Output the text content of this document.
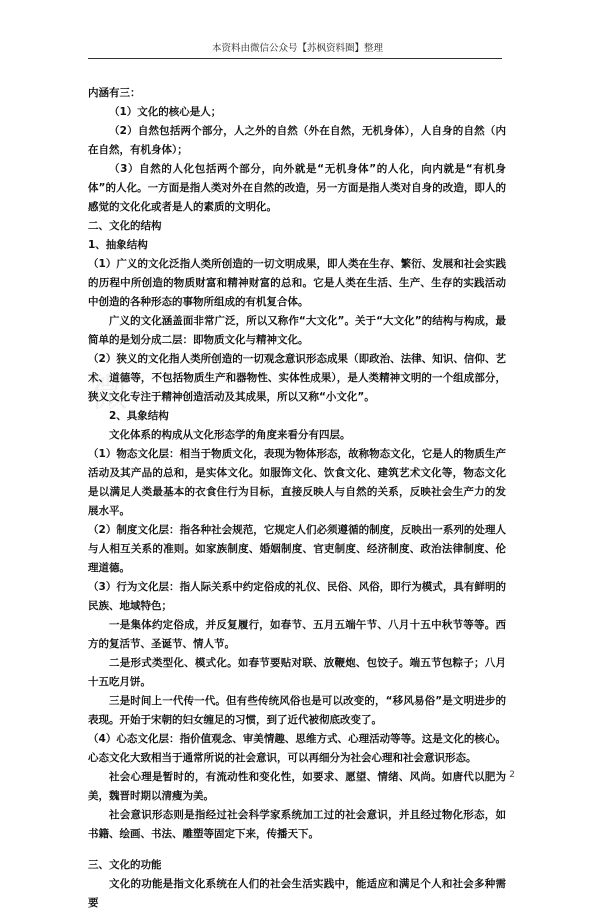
本资料由微信公众号【苏枫资料圈】整理
微

内涵有三：

（1）文化的核心是人；

（2）自然包括两个部分，人之外的自然（外在自然，无机身体），人自身的自然（内在自然，有机身体）；

（3）自然的人化包括两个部分，向外就是“无机身体”的人化，向内就是“有机身体”的人化。一方面是指人类对外在自然的改造，另一方面是指人类对自身的改造，即人的感觉的文化化或者是人的素质的文明化。

二、文化的结构

1、抽象结构

（1）广义的文化泛指人类所创造的一切文明成果，即人类在生存、繁衍、发展和社会实践的历程中所创造的物质财富和精神财富的总和。它是人类在生活、生产、生存的实践活动中创造的各种形态的事物所组成的有机复合体。

广义的文化涵盖面非常广泛，所以又称作“大文化”。关于“大文化”的结构与构成，最简单的是划分成二层：即物质文化与精神文化。

（2）狭义的文化指人类所创造的一切观念意识形态成果（即政治、法律、知识、信仰、艺术、道德等，不包括物质生产和器物性、实体性成果），是人类精神文明的一个组成部分，狭义文化专注于精神创造活动及其成果，所以又称“小文化”。

2、具象结构

文化体系的构成从文化形态学的角度来看分有四层。

（1）物态文化层：相当于物质文化，表现为物体形态，故称物态文化，它是人的物质生产活动及其产品的总和，是实体文化。如服饰文化、饮食文化、建筑艺术文化等，物态文化是以满足人类最基本的衣食住行为目标，直接反映人与自然的关系，反映社会生产力的发展水平。

（2）制度文化层：指各种社会规范，它规定人们必须遵循的制度，反映出一系列的处理人与人相互关系的准则。如家族制度、婚姻制度、官吏制度、经济制度、政治法律制度、伦理道德。

（3）行为文化层：指人际关系中约定俗成的礼仪、民俗、风俗，即行为模式，具有鲜明的民族、地域特色；

一是集体约定俗成，并反复履行，如春节、五月五端午节、八月十五中秋节等等。西方的复活节、圣诞节、情人节。

二是形式类型化、模式化。如春节要贴对联、放鞭炮、包饺子。端五节包粽子；八月十五吃月饼。

三是时间上一代传一代。但有些传统风俗也是可以改变的，“移风易俗”是文明进步的表现。开始于宋朝的妇女缠足的习惯，到了近代被彻底改变了。

（4）心态文化层：指价值观念、审美情趣、思维方式、心理活动等等。这是文化的核心。心态文化大致相当于通常所说的社会意识，可以再细分为社会心理和社会意识形态。

社会心理是暂时的，有流动性和变化性，如要求、愿望、情绪、风尚。如唐代以肥为美，魏晋时期以清瘦为美。

社会意识形态则是指经过社会科学家系统加工过的社会意识，并且经过物化形态，如书籍、绘画、书法、雕塑等固定下来，传播天下。

三、文化的功能

文化的功能是指文化系统在人们的社会生活实践中，能适应和满足个人和社会多种需要

2
